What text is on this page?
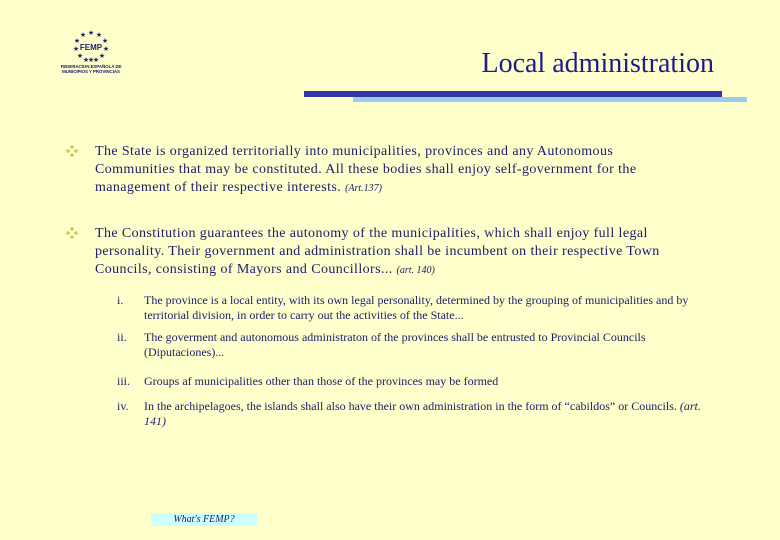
★ ★
★
★
★
★
★
★
★
★
★
★
FEMP
FEDERACION ESPAÑOLA DE
MUNICIPIOS Y PROVINCIAS	Local administration
The State is organized territorially into municipalities, provinces and any Autonomous Communities that may be constituted. All these bodies shall enjoy self-government for the management of their respective interests. (Art.137)
The Constitution guarantees the autonomy of the municipalities, which shall enjoy full legal personality. Their government and administration shall be incumbent on their respective Town Councils, consisting of Mayors and Councillors... (art. 140)
i. The province is a local entity, with its own legal personality, determined by the grouping of municipalities and by territorial division, in order to carry out the activities of the State...
ii. The goverment and autonomous administraton of the provinces shall be entrusted to Provincial Councils (Diputaciones)...
iii. Groups af municipalities other than those of the provinces may be formed
iv. In the archipelagoes, the islands shall also have their own administration in the form of “cabildos” or Councils. (art. 141)
What's FEMP?
